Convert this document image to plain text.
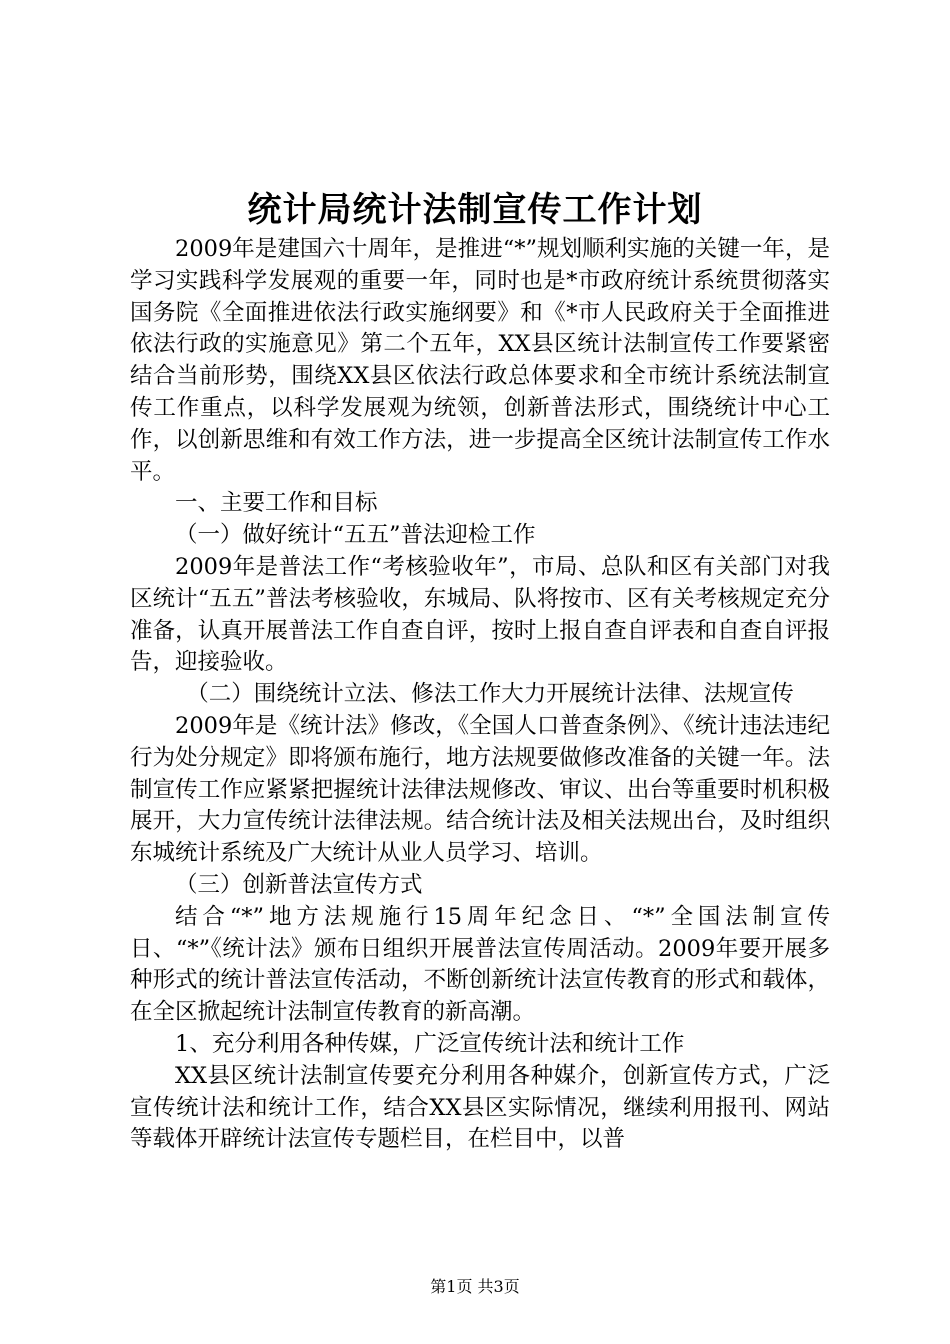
统计局统计法制宣传工作计划

2009年是建国六十周年，是推进“*”规划顺利实施的关键一年，是学习实践科学发展观的重要一年，同时也是*市政府统计系统贯彻落实国务院《全面推进依法行政实施纲要》和《*市人民政府关于全面推进依法行政的实施意见》第二个五年，XX县区统计法制宣传工作要紧密结合当前形势，围绕XX县区依法行政总体要求和全市统计系统法制宣传工作重点，以科学发展观为统领，创新普法形式，围绕统计中心工作，以创新思维和有效工作方法，进一步提高全区统计法制宣传工作水平。

一、主要工作和目标

（一）做好统计“五五”普法迎检工作

2009年是普法工作“考核验收年”，市局、总队和区有关部门对我区统计“五五”普法考核验收，东城局、队将按市、区有关考核规定充分准备，认真开展普法工作自查自评，按时上报自查自评表和自查自评报告，迎接验收。

（二）围绕统计立法、修法工作大力开展统计法律、法规宣传

2009年是《统计法》修改，《全国人口普查条例》、《统计违法违纪行为处分规定》即将颁布施行，地方法规要做修改准备的关键一年。法制宣传工作应紧紧把握统计法律法规修改、审议、出台等重要时机积极展开，大力宣传统计法律法规。结合统计法及相关法规出台，及时组织东城统计系统及广大统计从业人员学习、培训。

（三）创新普法宣传方式

结合“*”地方法规施行15周年纪念日、“*”全国法制宣传日、“*”《统计法》颁布日组织开展普法宣传周活动。2009年要开展多种形式的统计普法宣传活动，不断创新统计法宣传教育的形式和载体，在全区掀起统计法制宣传教育的新高潮。

1、充分利用各种传媒，广泛宣传统计法和统计工作

XX县区统计法制宣传要充分利用各种媒介，创新宣传方式，广泛宣传统计法和统计工作，结合XX县区实际情况，继续利用报刊、网站等载体开辟统计法宣传专题栏目，在栏目中，以普

第1页 共3页
